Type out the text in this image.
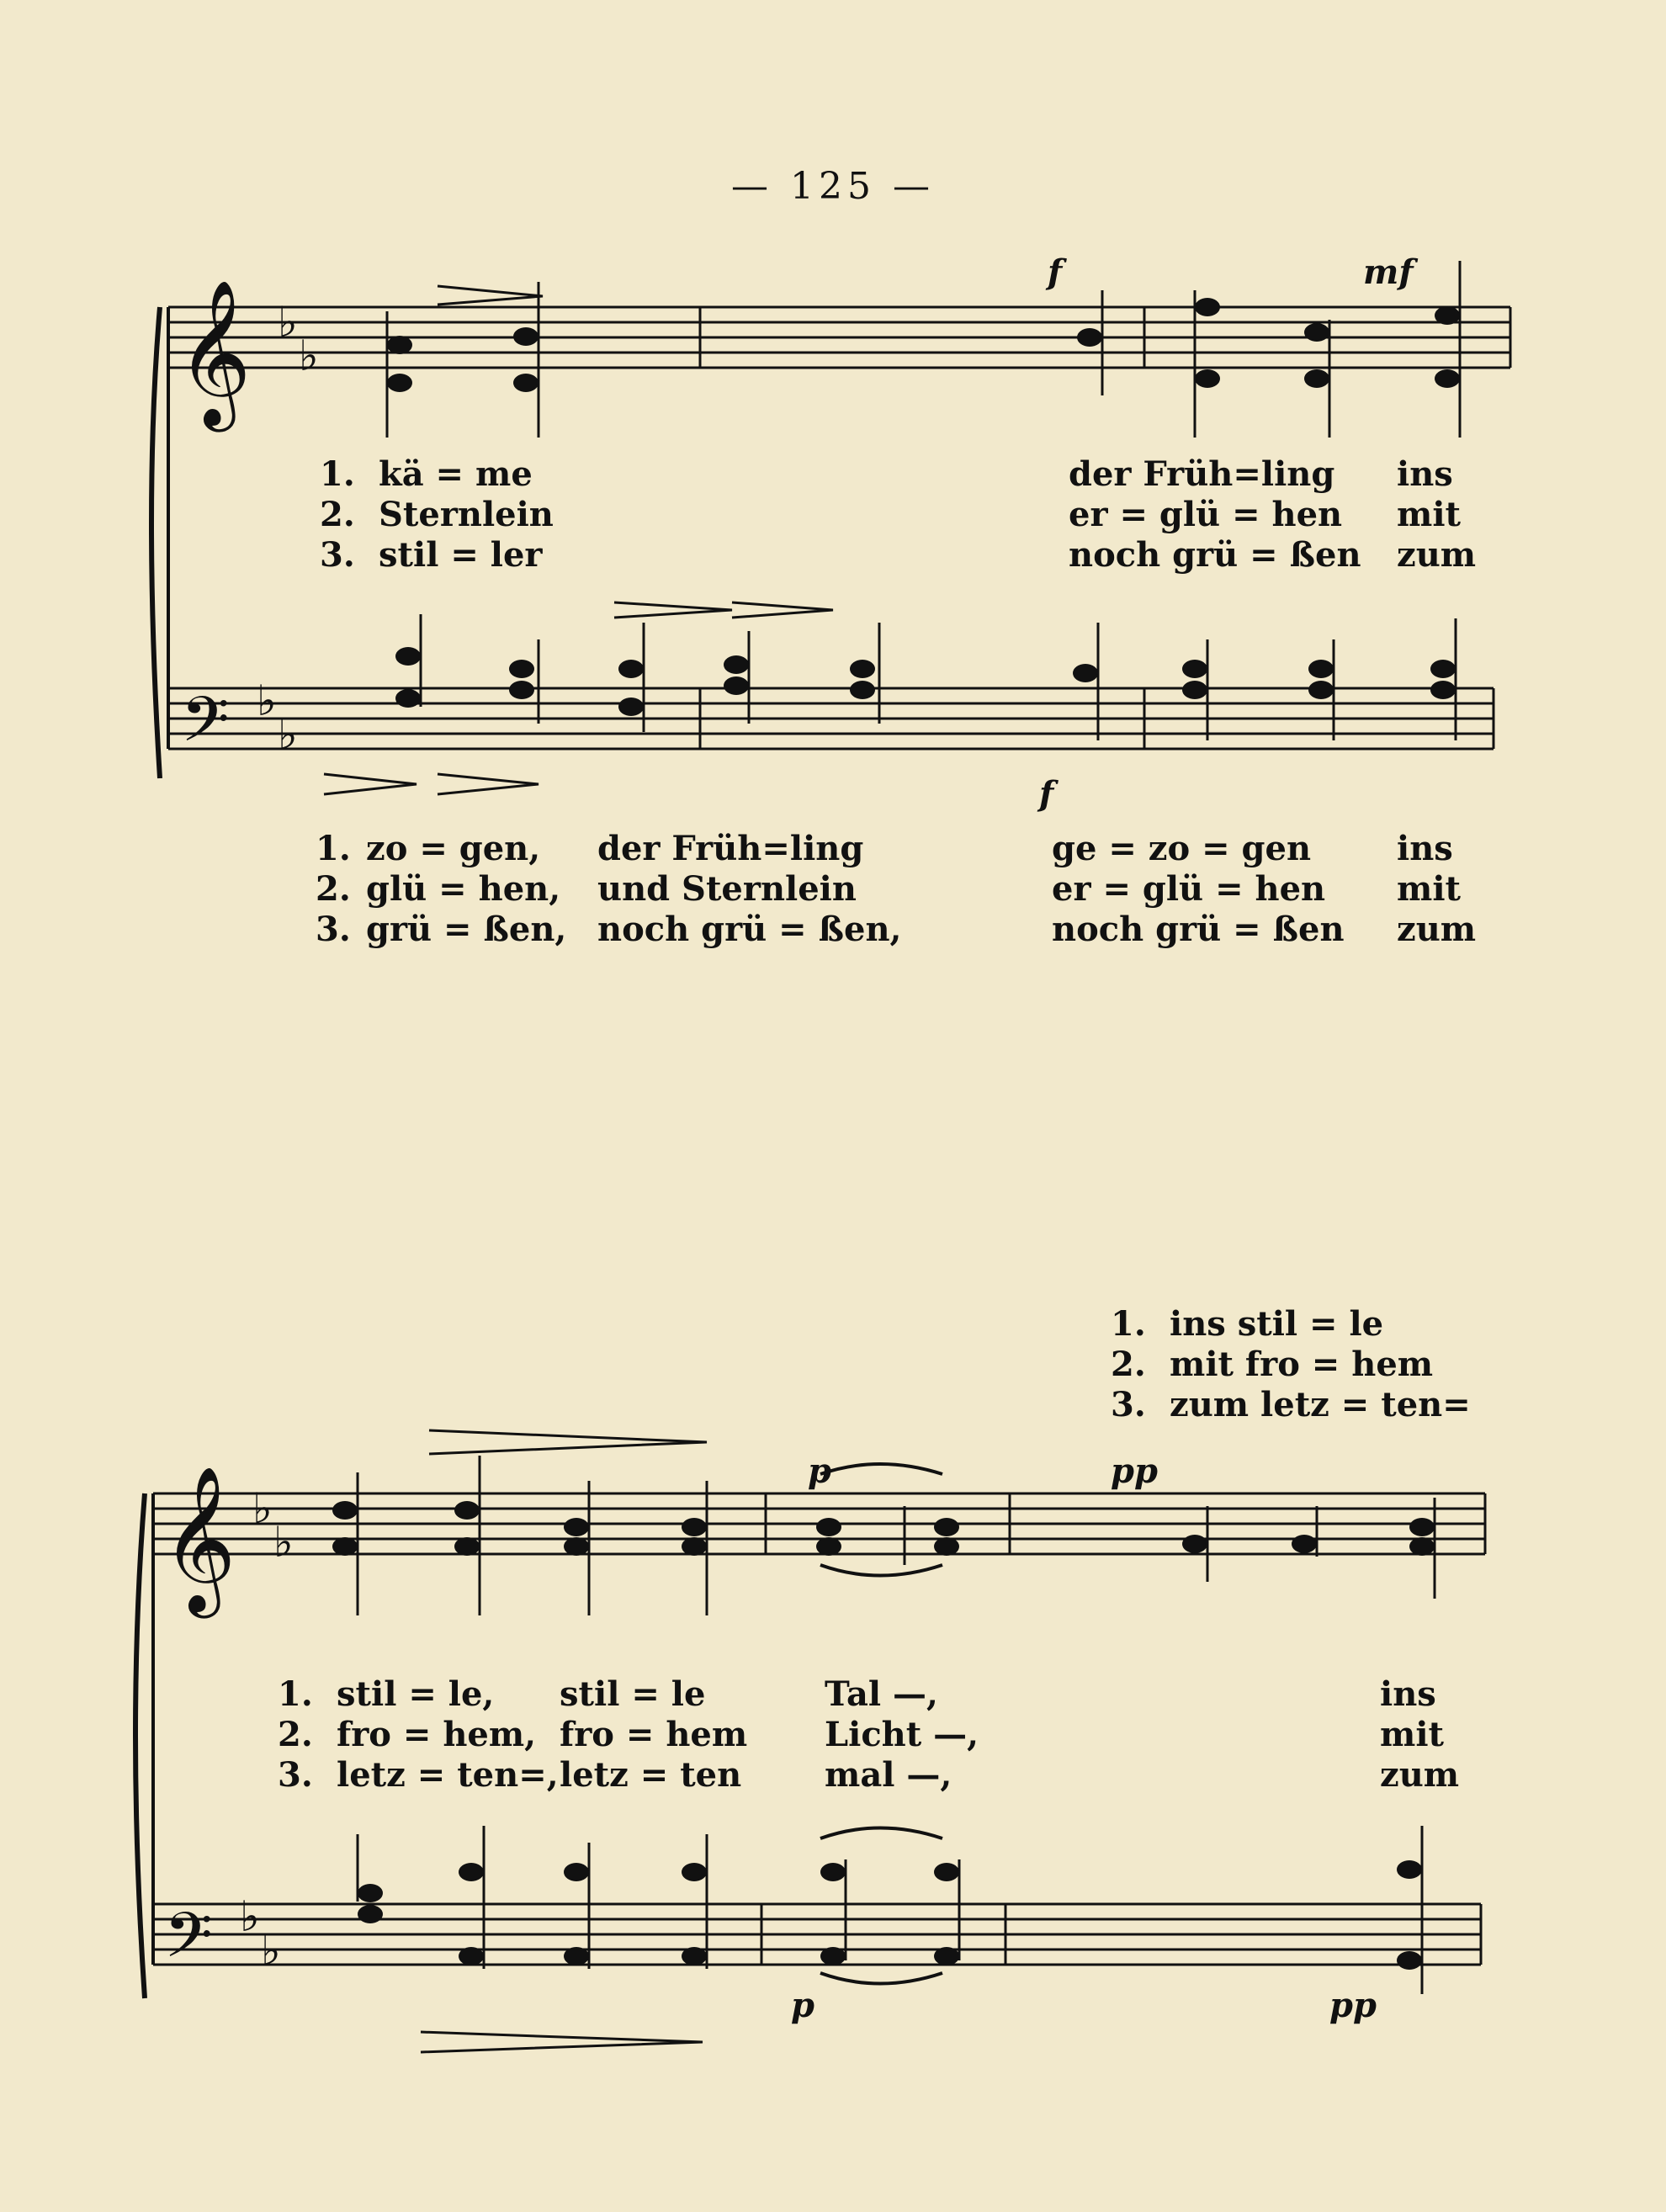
— 125 —
𝄞
𝄢
𝄞
𝄢
♭
♭
♭
♭
♭
♭
♭
♭
f	mf
f
p	pp
p	pp
1. kä = me	der Früh=ling ins
2. Sternlein	er = glü = hen mit
3. stil = ler	noch grü = ßen zum
1. zo = gen, der Früh=ling	ge = zo = gen	ins
2. glü = hen, und Sternlein	er = glü = hen mit
3. grü = ßen, noch grü = ßen,	noch grü = ßen zum
1. ins stil = le
2. mit fro = hem
3. zum letz = ten=
1. stil = le, stil = le	Tal —,	ins
2. fro = hem, fro = hem Licht —,	mit
3. letz = ten=, letz = ten mal —,	zum
